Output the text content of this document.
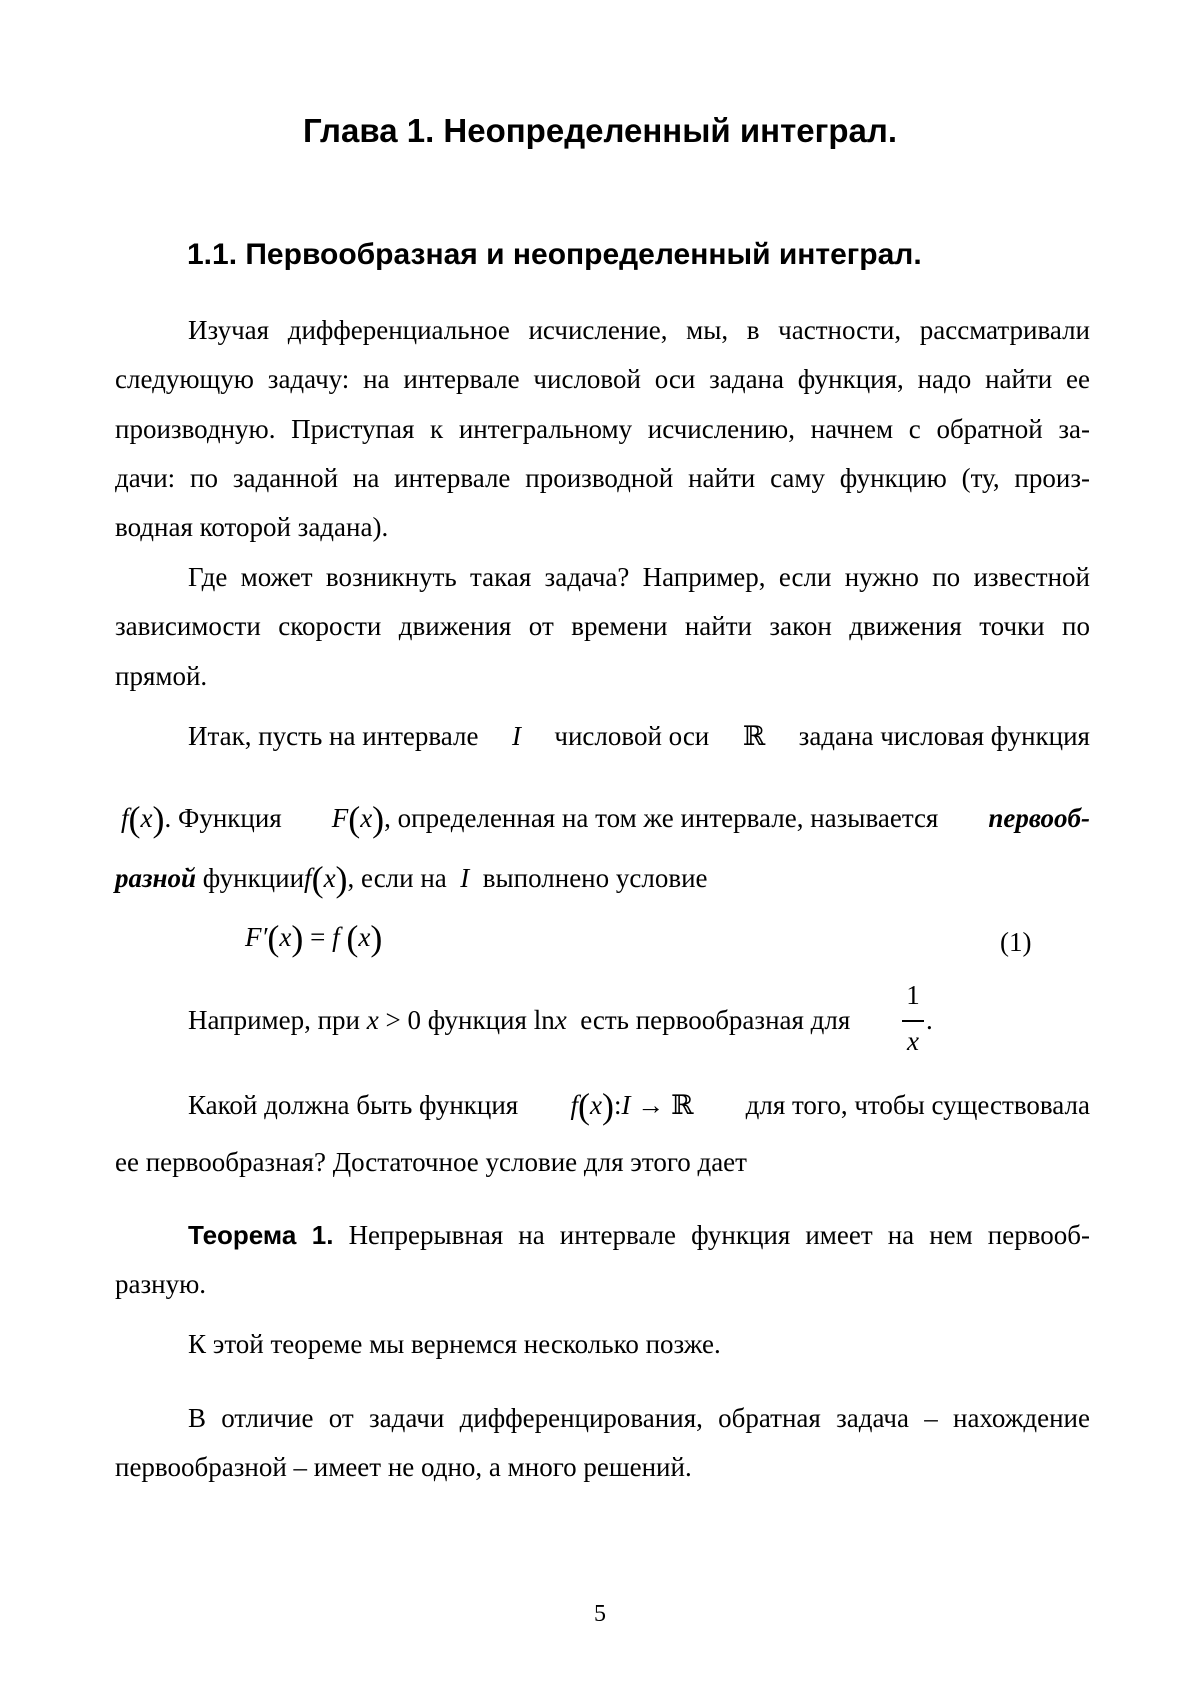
Глава 1. Неопределенный интеграл.
1.1. Первообразная и неопределенный интеграл.

Изучая дифференциальное исчисление, мы, в частности, рассматривали

следующую задачу: на интервале числовой оси задана функция, надо найти ее

производную. Приступая к интегральному исчислению, начнем с обратной за-

дачи: по заданной на интервале производной найти саму функцию (ту, произ-

водная которой задана).

Где может возникнуть такая задача? Например, если нужно по известной

зависимости скорости движения от времени найти закон движения точки по

прямой.

Итак, пусть на интервале I числовой оси ℝ задана числовая функция
f(x). Функция F(x), определенная на том же интервале, называется первооб-
разной функцииf(x), если на I выполнено условие
F′(x) = f (x)	(1)
Например, при x > 0 функция lnx есть первообразная для
1
x
.
Какой должна быть функция f(x):I → ℝ для того, чтобы существовала

ее первообразная? Достаточное условие для этого дает

Теорема 1. Непрерывная на интервале функция имеет на нем первооб-

разную.

К этой теореме мы вернемся несколько позже.

В отличие от задачи дифференцирования, обратная задача – нахождение

первообразной – имеет не одно, а много решений.

5
